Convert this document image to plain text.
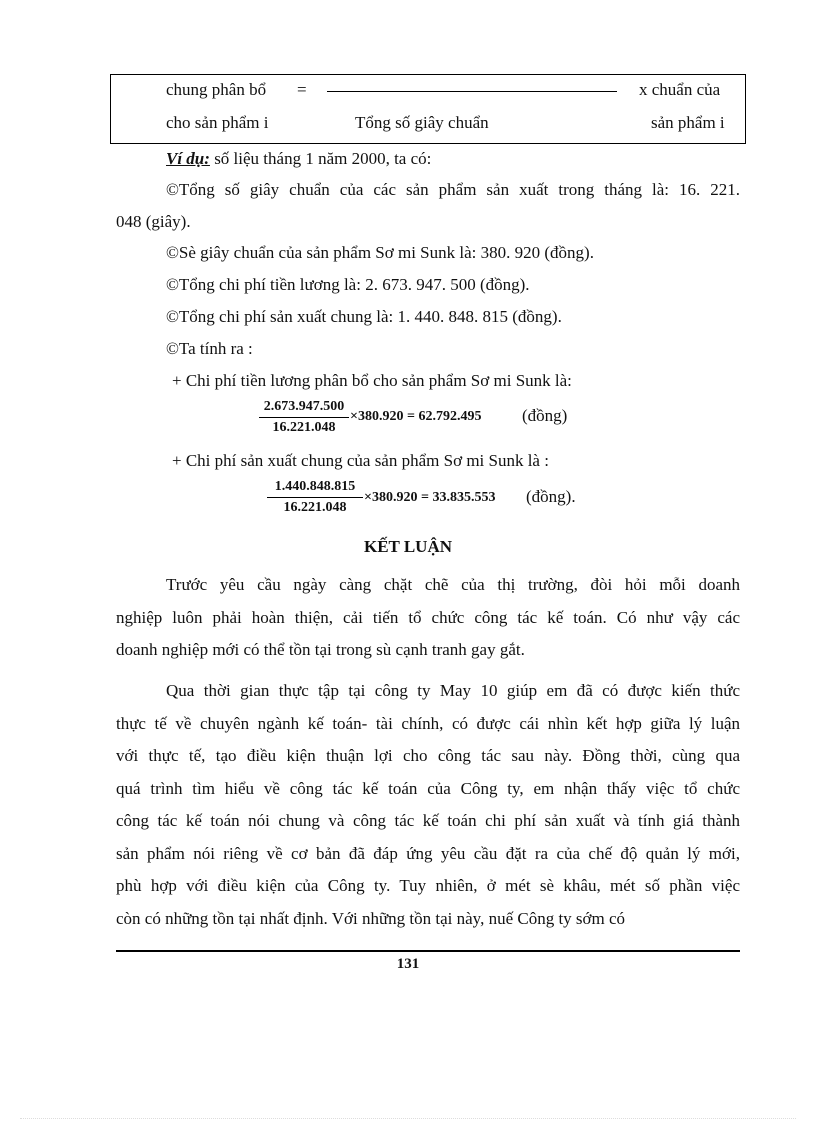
chung phân bổ =	x chuẩn của
cho sản phẩm i	Tổng số giây chuẩn	sản phẩm i
Ví dụ: số liệu tháng 1 năm 2000, ta có:
©Tổng số giây chuẩn của các sản phẩm sản xuất trong tháng là: 16. 221.
048 (giây).
©Sè giây chuẩn của sản phẩm Sơ mi Sunk là: 380. 920 (đồng).
©Tổng chi phí tiền lương là: 2. 673. 947. 500 (đồng).
©Tổng chi phí sản xuất chung là: 1. 440. 848. 815 (đồng).
©Ta tính ra :
+ Chi phí tiền lương phân bổ cho sản phẩm Sơ mi Sunk là:
2.673.947.500
16.221.048
×380.920 = 62.792.495 (đồng)
+ Chi phí sản xuất chung của sản phẩm Sơ mi Sunk là :
1.440.848.815
16.221.048
×380.920 = 33.835.553 (đồng).
KẾT LUẬN
Trước yêu cầu ngày càng chặt chẽ của thị trường, đòi hỏi mỗi doanh
nghiệp luôn phải hoàn thiện, cải tiến tổ chức công tác kế toán. Có như vậy các
doanh nghiệp mới có thể tồn tại trong sù cạnh tranh gay gắt.
Qua thời gian thực tập tại công ty May 10 giúp em đã có được kiến thức
thực tế về chuyên ngành kế toán- tài chính, có được cái nhìn kết hợp giữa lý luận
với thực tế, tạo điều kiện thuận lợi cho công tác sau này. Đồng thời, cùng qua
quá trình tìm hiểu về công tác kế toán của Công ty, em nhận thấy việc tổ chức
công tác kế toán nói chung và công tác kế toán chi phí sản xuất và tính giá thành
sản phẩm nói riêng về cơ bản đã đáp ứng yêu cầu đặt ra của chế độ quản lý mới,
phù hợp với điều kiện của Công ty. Tuy nhiên, ở mét sè khâu, mét số phần việc
còn có những tồn tại nhất định. Với những tồn tại này, nuế Công ty sớm có
131
